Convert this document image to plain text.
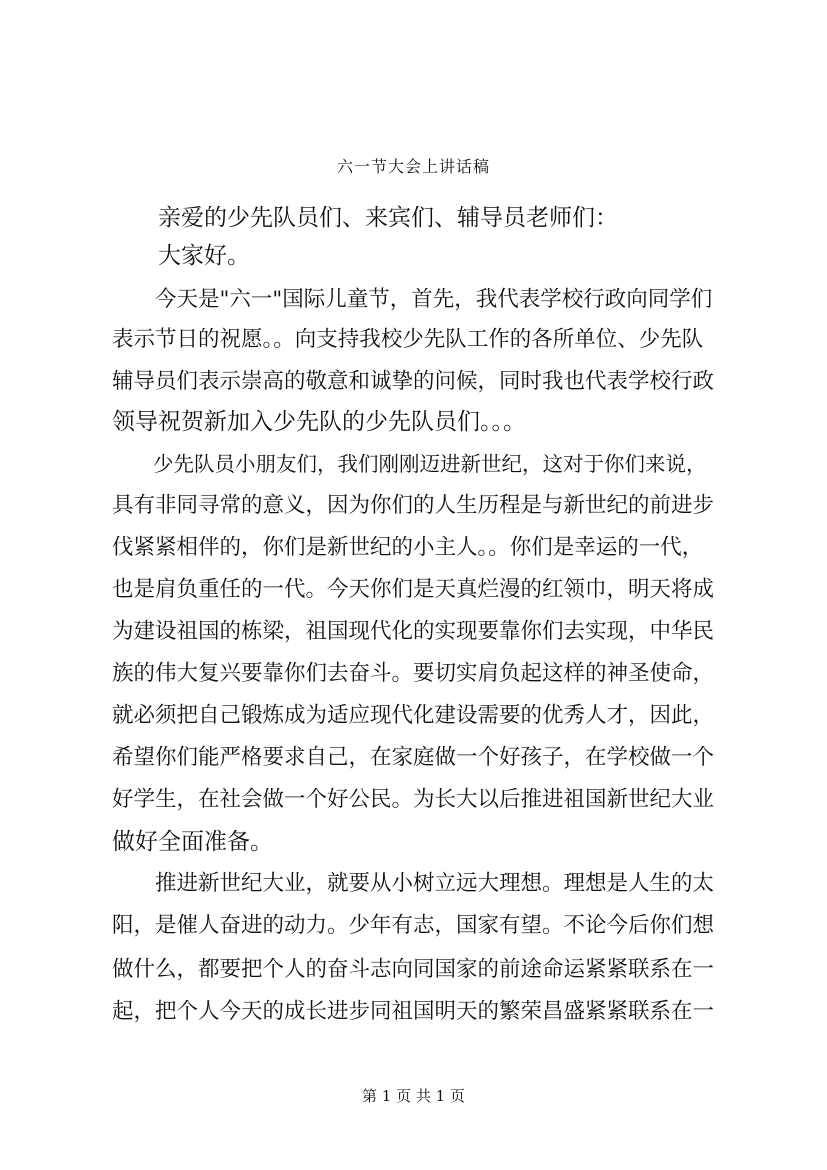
六一节大会上讲话稿
　　亲爱的少先队员们、来宾们、辅导员老师们：
　　大家好。
　　今天是"六一"国际儿童节，首先，我代表学校行政向同学们
表示节日的祝愿。。向支持我校少先队工作的各所单位、少先队
辅导员们表示崇高的敬意和诚挚的问候，同时我也代表学校行政
领导祝贺新加入少先队的少先队员们。。。
　　少先队员小朋友们，我们刚刚迈进新世纪，这对于你们来说，
具有非同寻常的意义，因为你们的人生历程是与新世纪的前进步
伐紧紧相伴的，你们是新世纪的小主人。。你们是幸运的一代，
也是肩负重任的一代。今天你们是天真烂漫的红领巾，明天将成
为建设祖国的栋梁，祖国现代化的实现要靠你们去实现，中华民
族的伟大复兴要靠你们去奋斗。要切实肩负起这样的神圣使命，
就必须把自己锻炼成为适应现代化建设需要的优秀人才，因此，
希望你们能严格要求自己，在家庭做一个好孩子，在学校做一个
好学生，在社会做一个好公民。为长大以后推进祖国新世纪大业
做好全面准备。
　　推进新世纪大业，就要从小树立远大理想。理想是人生的太
阳，是催人奋进的动力。少年有志，国家有望。不论今后你们想
做什么，都要把个人的奋斗志向同国家的前途命运紧紧联系在一
起，把个人今天的成长进步同祖国明天的繁荣昌盛紧紧联系在一
第 1 页 共 1 页
